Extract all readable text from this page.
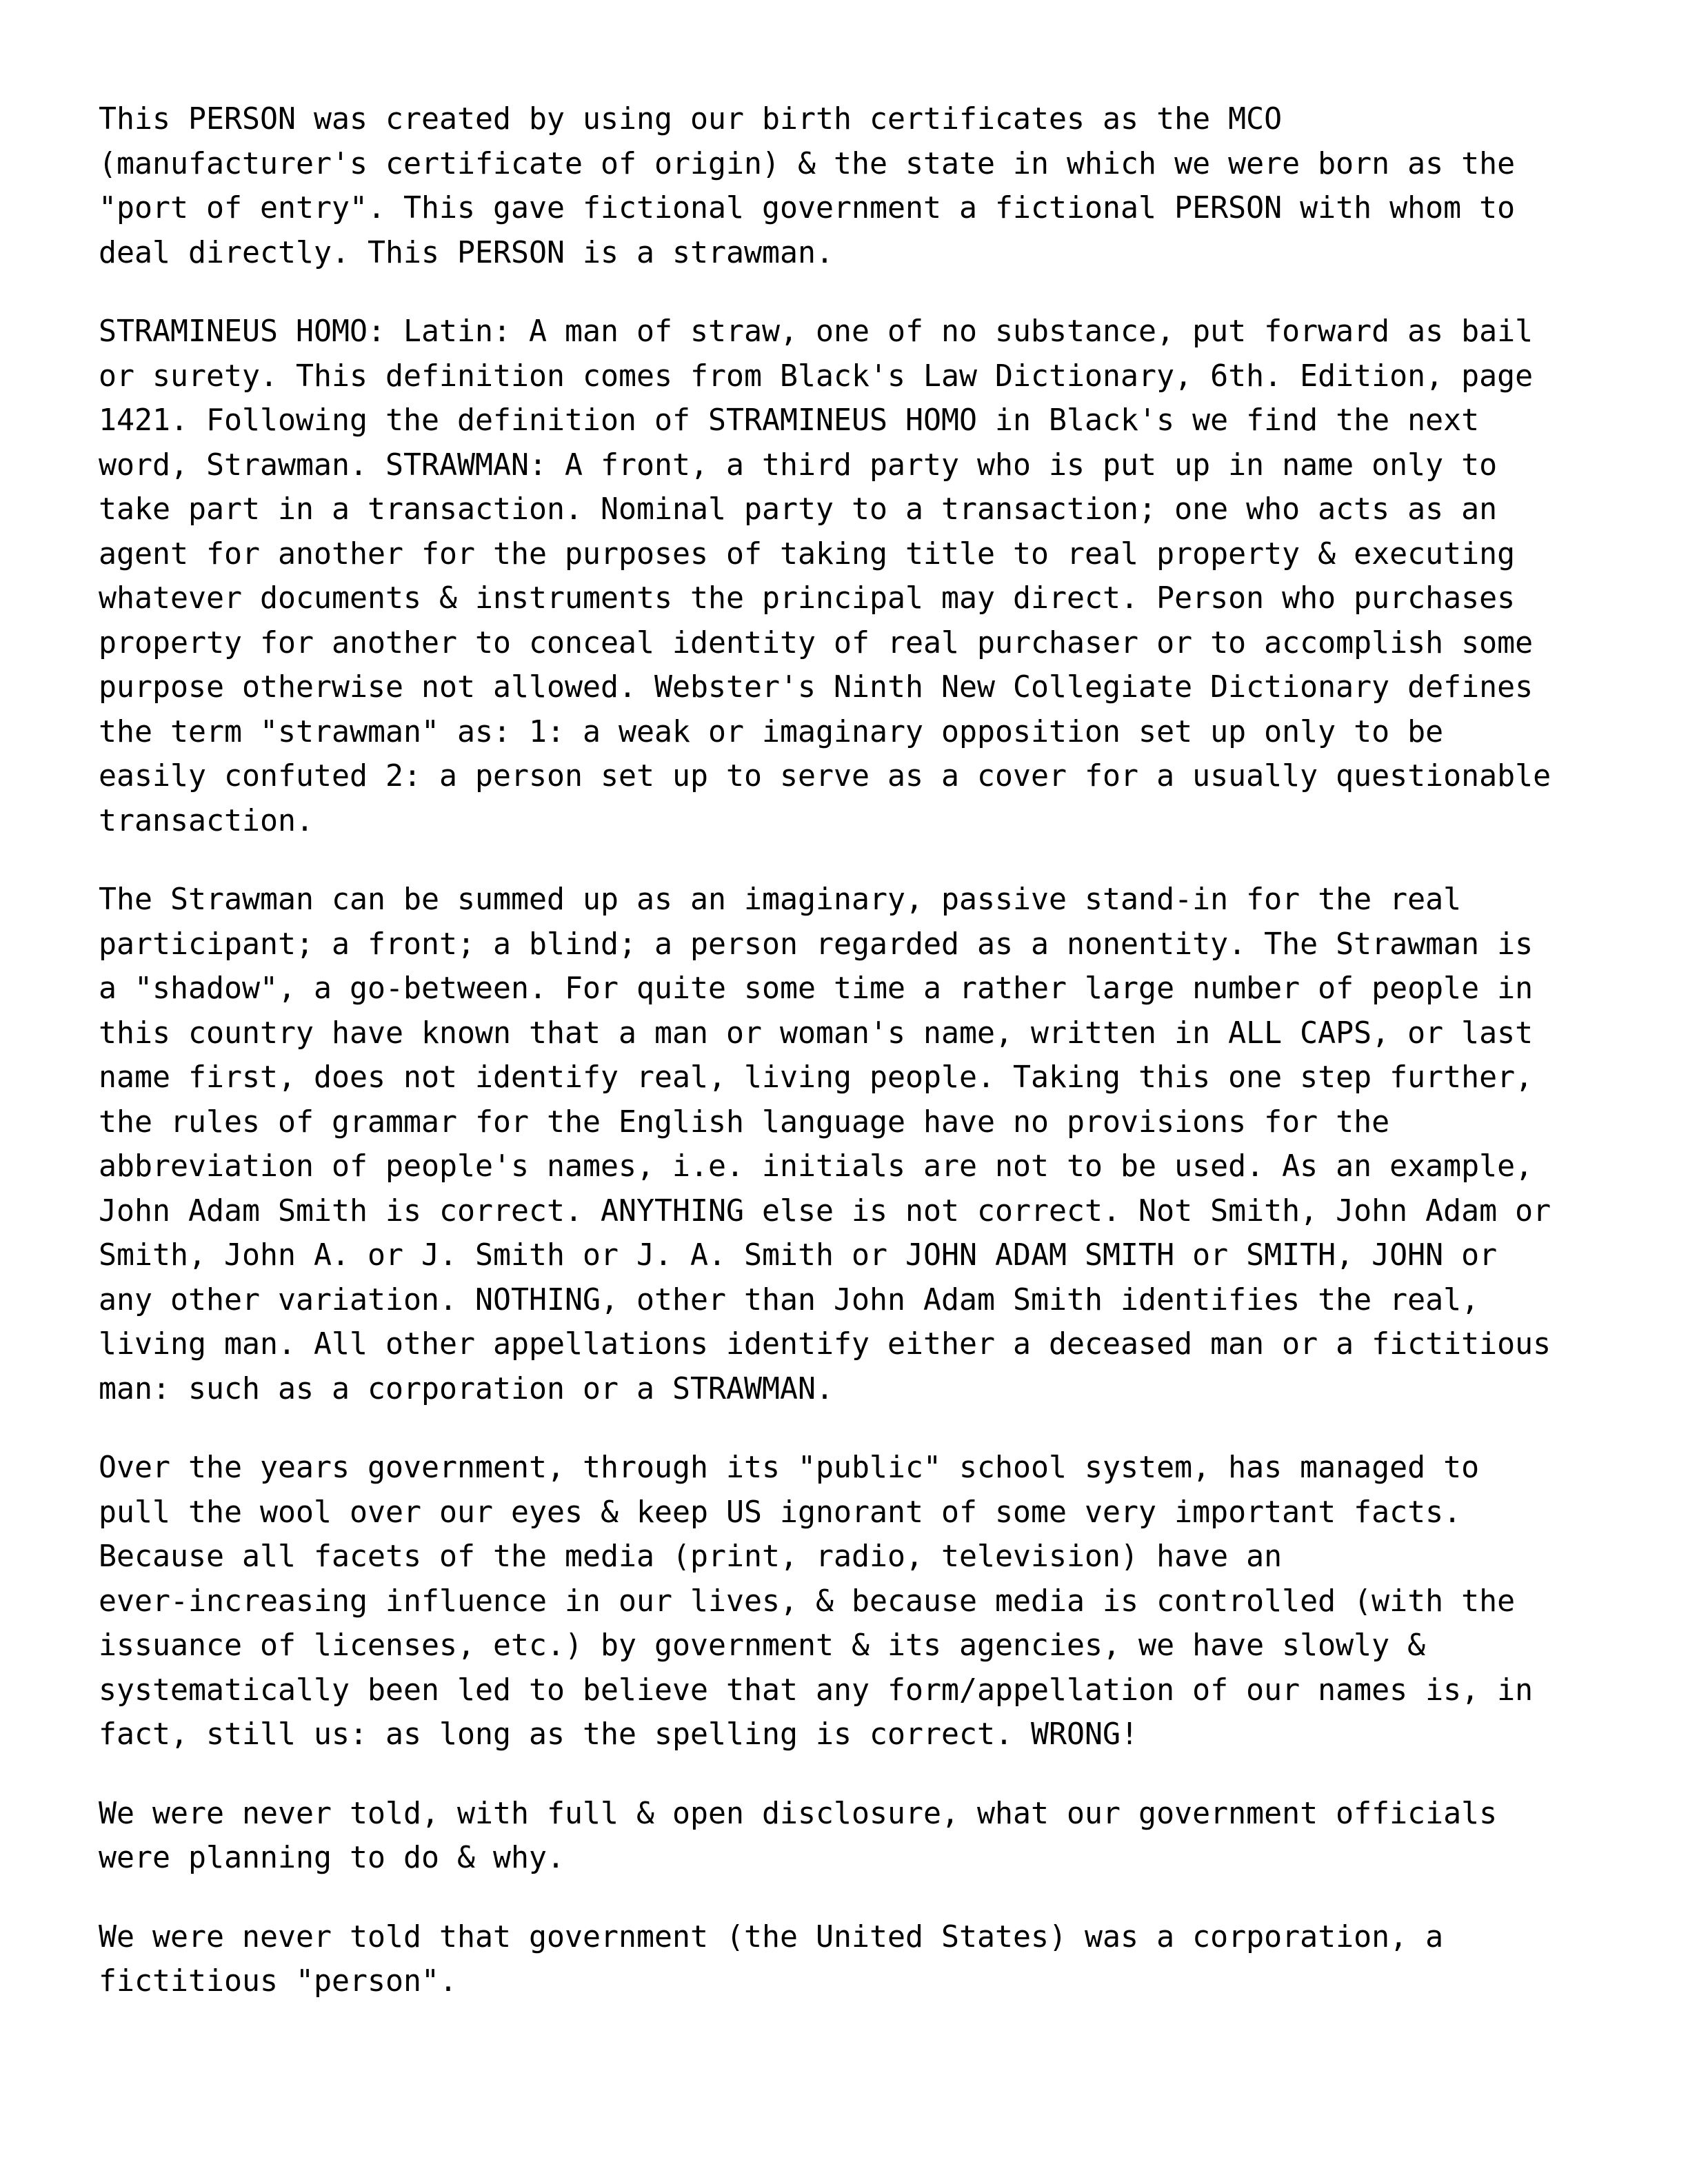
This PERSON was created by using our birth certificates as the MCO
(manufacturer's certificate of origin) & the state in which we were born as the
"port of entry". This gave fictional government a fictional PERSON with whom to
deal directly. This PERSON is a strawman.
STRAMINEUS HOMO: Latin: A man of straw, one of no substance, put forward as bail
or surety. This definition comes from Black's Law Dictionary, 6th. Edition, page
1421. Following the definition of STRAMINEUS HOMO in Black's we find the next
word, Strawman. STRAWMAN: A front, a third party who is put up in name only to
take part in a transaction. Nominal party to a transaction; one who acts as an
agent for another for the purposes of taking title to real property & executing
whatever documents & instruments the principal may direct. Person who purchases
property for another to conceal identity of real purchaser or to accomplish some
purpose otherwise not allowed. Webster's Ninth New Collegiate Dictionary defines
the term "strawman" as: 1: a weak or imaginary opposition set up only to be
easily confuted 2: a person set up to serve as a cover for a usually questionable
transaction.
The Strawman can be summed up as an imaginary, passive stand-in for the real
participant; a front; a blind; a person regarded as a nonentity. The Strawman is
a "shadow", a go-between. For quite some time a rather large number of people in
this country have known that a man or woman's name, written in ALL CAPS, or last
name first, does not identify real, living people. Taking this one step further,
the rules of grammar for the English language have no provisions for the
abbreviation of people's names, i.e. initials are not to be used. As an example,
John Adam Smith is correct. ANYTHING else is not correct. Not Smith, John Adam or
Smith, John A. or J. Smith or J. A. Smith or JOHN ADAM SMITH or SMITH, JOHN or
any other variation. NOTHING, other than John Adam Smith identifies the real,
living man. All other appellations identify either a deceased man or a fictitious
man: such as a corporation or a STRAWMAN.
Over the years government, through its "public" school system, has managed to
pull the wool over our eyes & keep US ignorant of some very important facts.
Because all facets of the media (print, radio, television) have an
ever-increasing influence in our lives, & because media is controlled (with the
issuance of licenses, etc.) by government & its agencies, we have slowly &
systematically been led to believe that any form/appellation of our names is, in
fact, still us: as long as the spelling is correct. WRONG!
We were never told, with full & open disclosure, what our government officials
were planning to do & why.
We were never told that government (the United States) was a corporation, a
fictitious "person".
